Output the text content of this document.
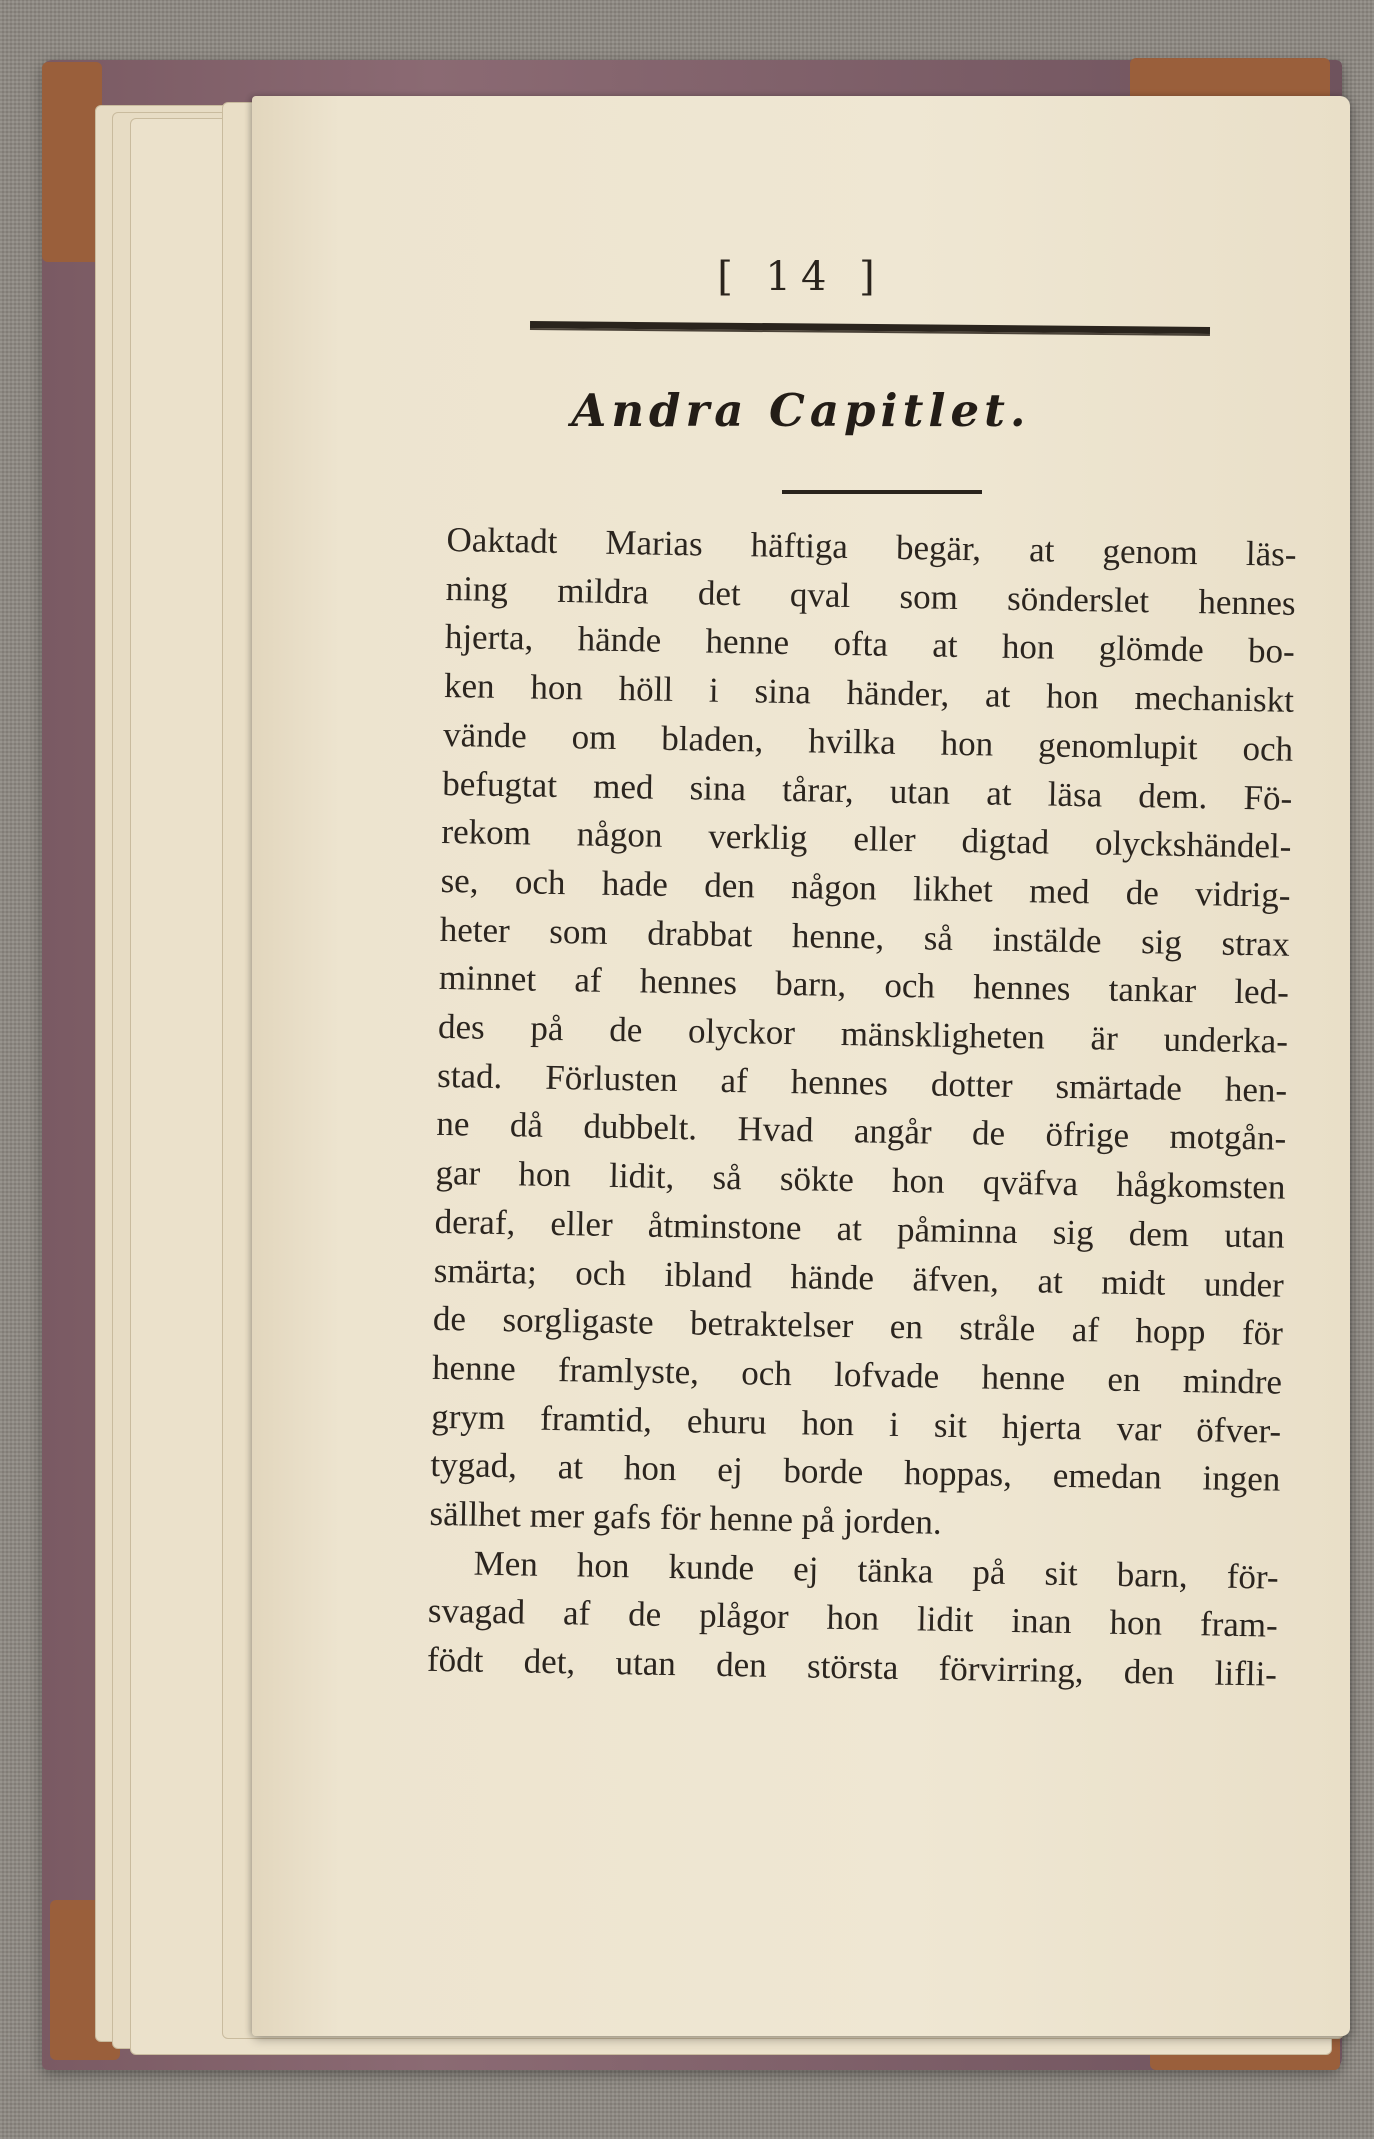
[ 14 ]
Andra Capitlet.
Oaktadt Marias häftiga begär, at genom läs-
ning mildra det qval som sönderslet hennes
hjerta, hände henne ofta at hon glömde bo-
ken hon höll i sina händer, at hon mechaniskt
vände om bladen, hvilka hon genomlupit och
befugtat med sina tårar, utan at läsa dem. Fö-
rekom någon verklig eller digtad olyckshändel-
se, och hade den någon likhet med de vidrig-
heter som drabbat henne, så instälde sig strax
minnet af hennes barn, och hennes tankar led-
des på de olyckor mänskligheten är underka-
stad. Förlusten af hennes dotter smärtade hen-
ne då dubbelt. Hvad angår de öfrige motgån-
gar hon lidit, så sökte hon qväfva hågkomsten
deraf, eller åtminstone at påminna sig dem utan
smärta; och ibland hände äfven, at midt under
de sorgligaste betraktelser en stråle af hopp för
henne framlyste, och lofvade henne en mindre
grym framtid, ehuru hon i sit hjerta var öfver-
tygad, at hon ej borde hoppas, emedan ingen
sällhet mer gafs för henne på jorden.
Men hon kunde ej tänka på sit barn, för-
svagad af de plågor hon lidit inan hon fram-
födt det, utan den största förvirring, den lifli-
